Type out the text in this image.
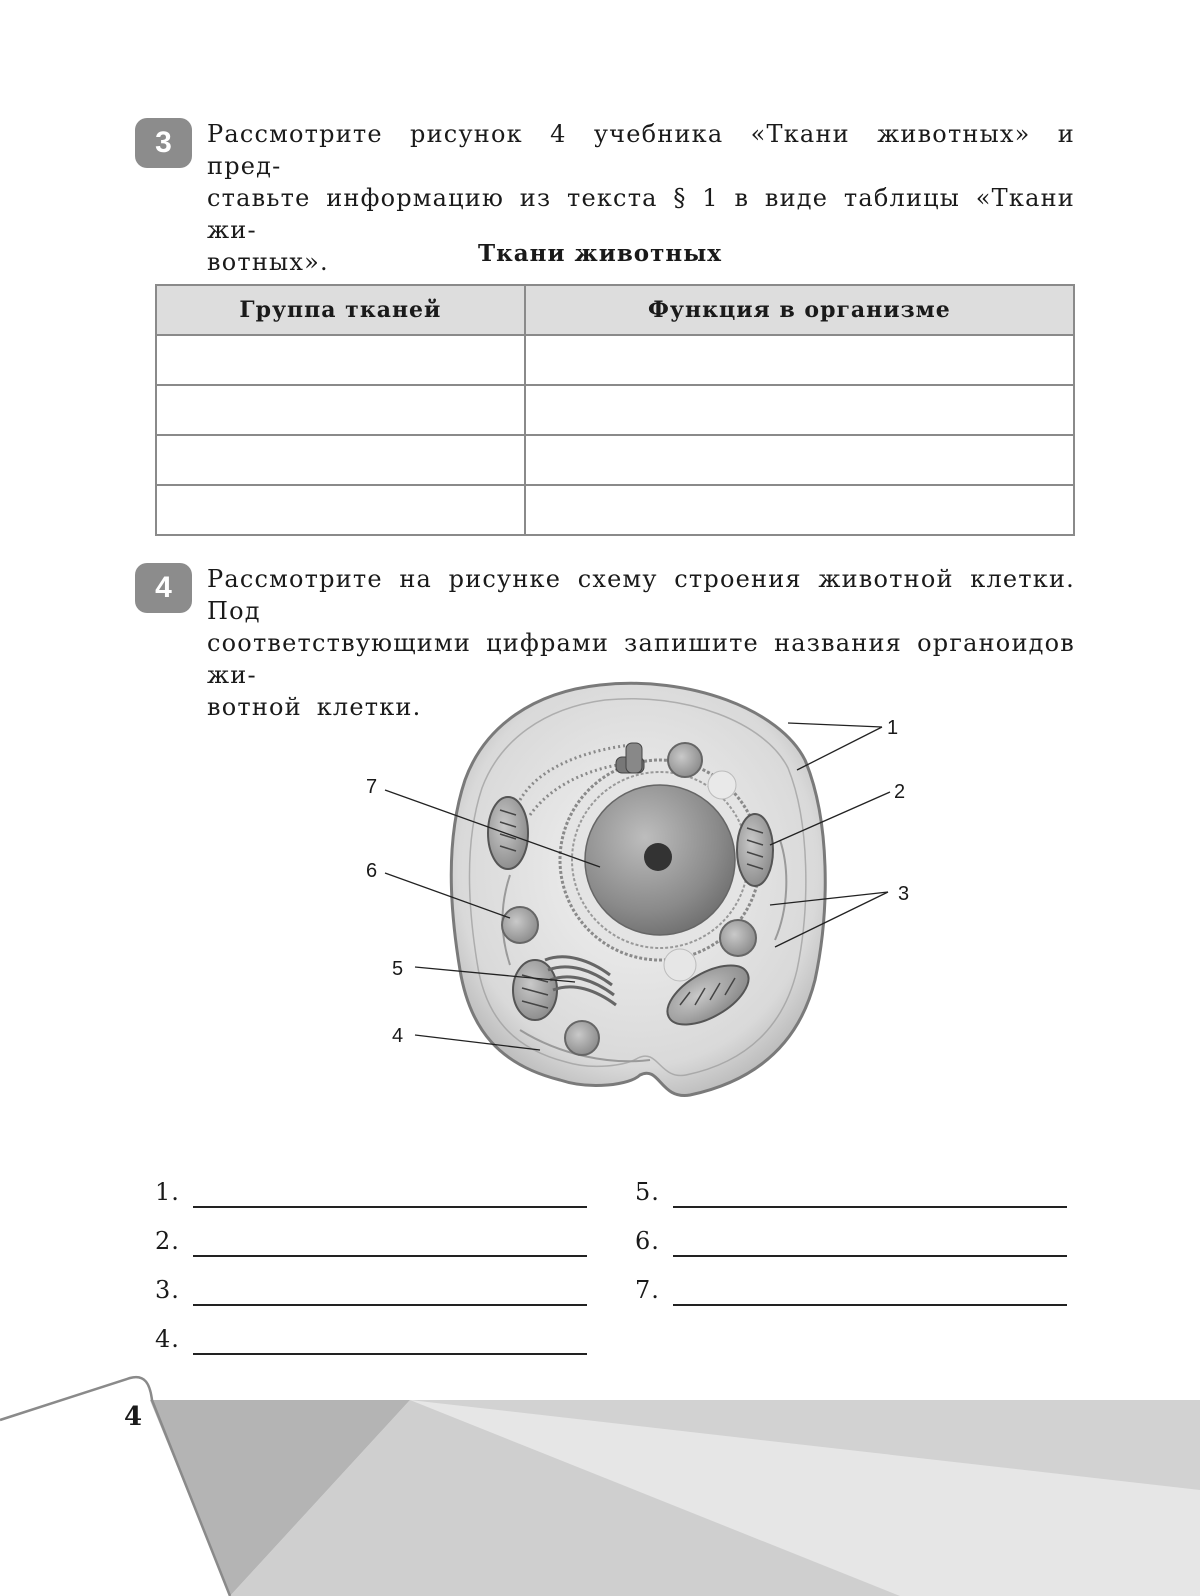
3	Рассмотрите рисунок 4 учебника «Ткани животных» и пред-
ставьте информацию из текста § 1 в виде таблицы «Ткани жи-
вотных».	Ткани животных
Группа тканей	Функция в организме

4	Рассмотрите на рисунке схему строения животной клетки. Под
соответствующими цифрами запишите названия органоидов жи-
вотной клетки.
1
2
3
4
5
6
7
1.
2.
3.
4.
5.
6.
7.
4
